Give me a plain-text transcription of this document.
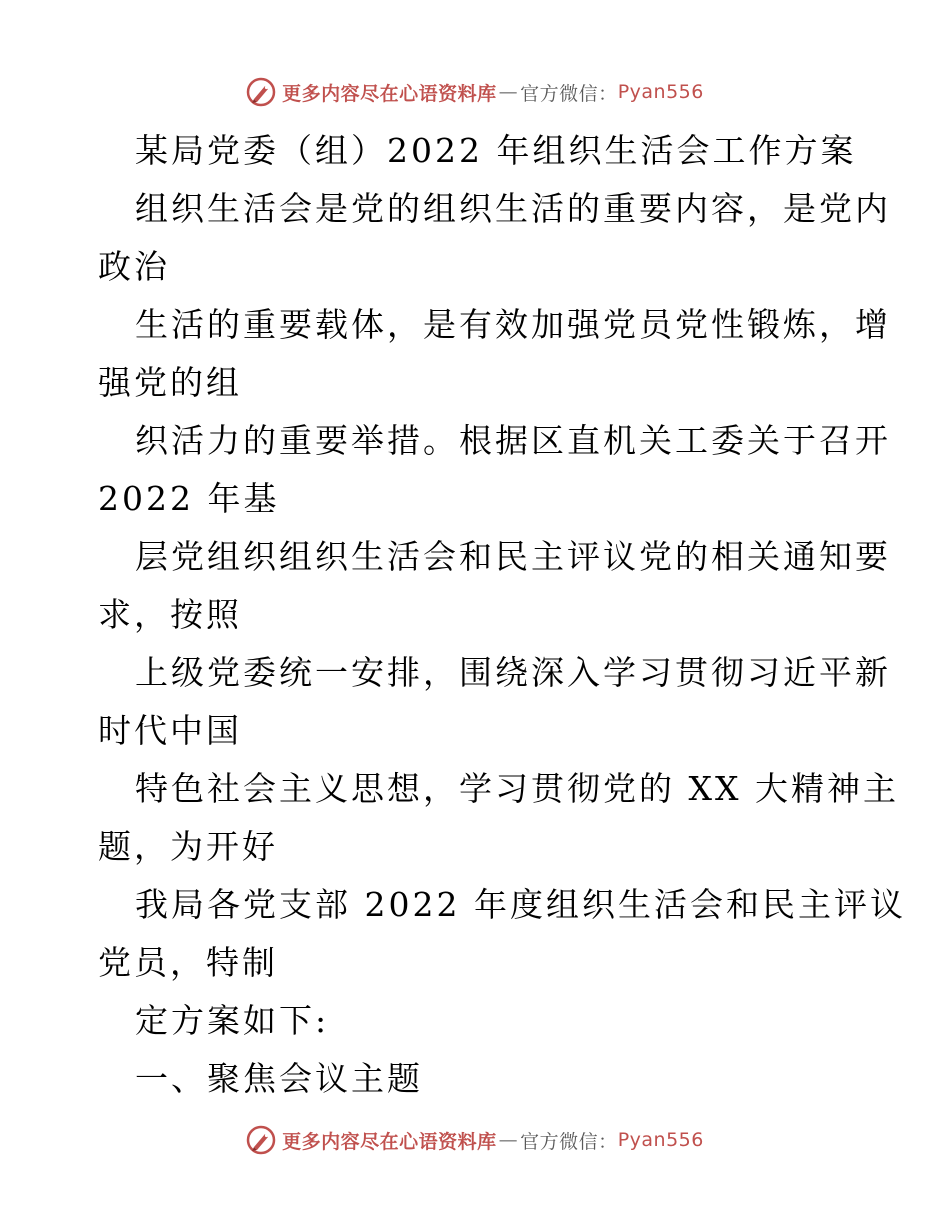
更多内容尽在心语资料库 — 官方微信： Pyan556

某局党委（组）2022 年组织生活会工作方案

组织生活会是党的组织生活的重要内容，是党内

政治

生活的重要载体，是有效加强党员党性锻炼，增

强党的组

织活力的重要举措。根据区直机关工委关于召开

2022 年基

层党组织组织生活会和民主评议党的相关通知要

求，按照

上级党委统一安排，围绕深入学习贯彻习近平新

时代中国

特色社会主义思想，学习贯彻党的 XX 大精神主

题，为开好

我局各党支部 2022 年度组织生活会和民主评议

党员，特制

定方案如下:

一、聚焦会议主题

更多内容尽在心语资料库 — 官方微信： Pyan556
